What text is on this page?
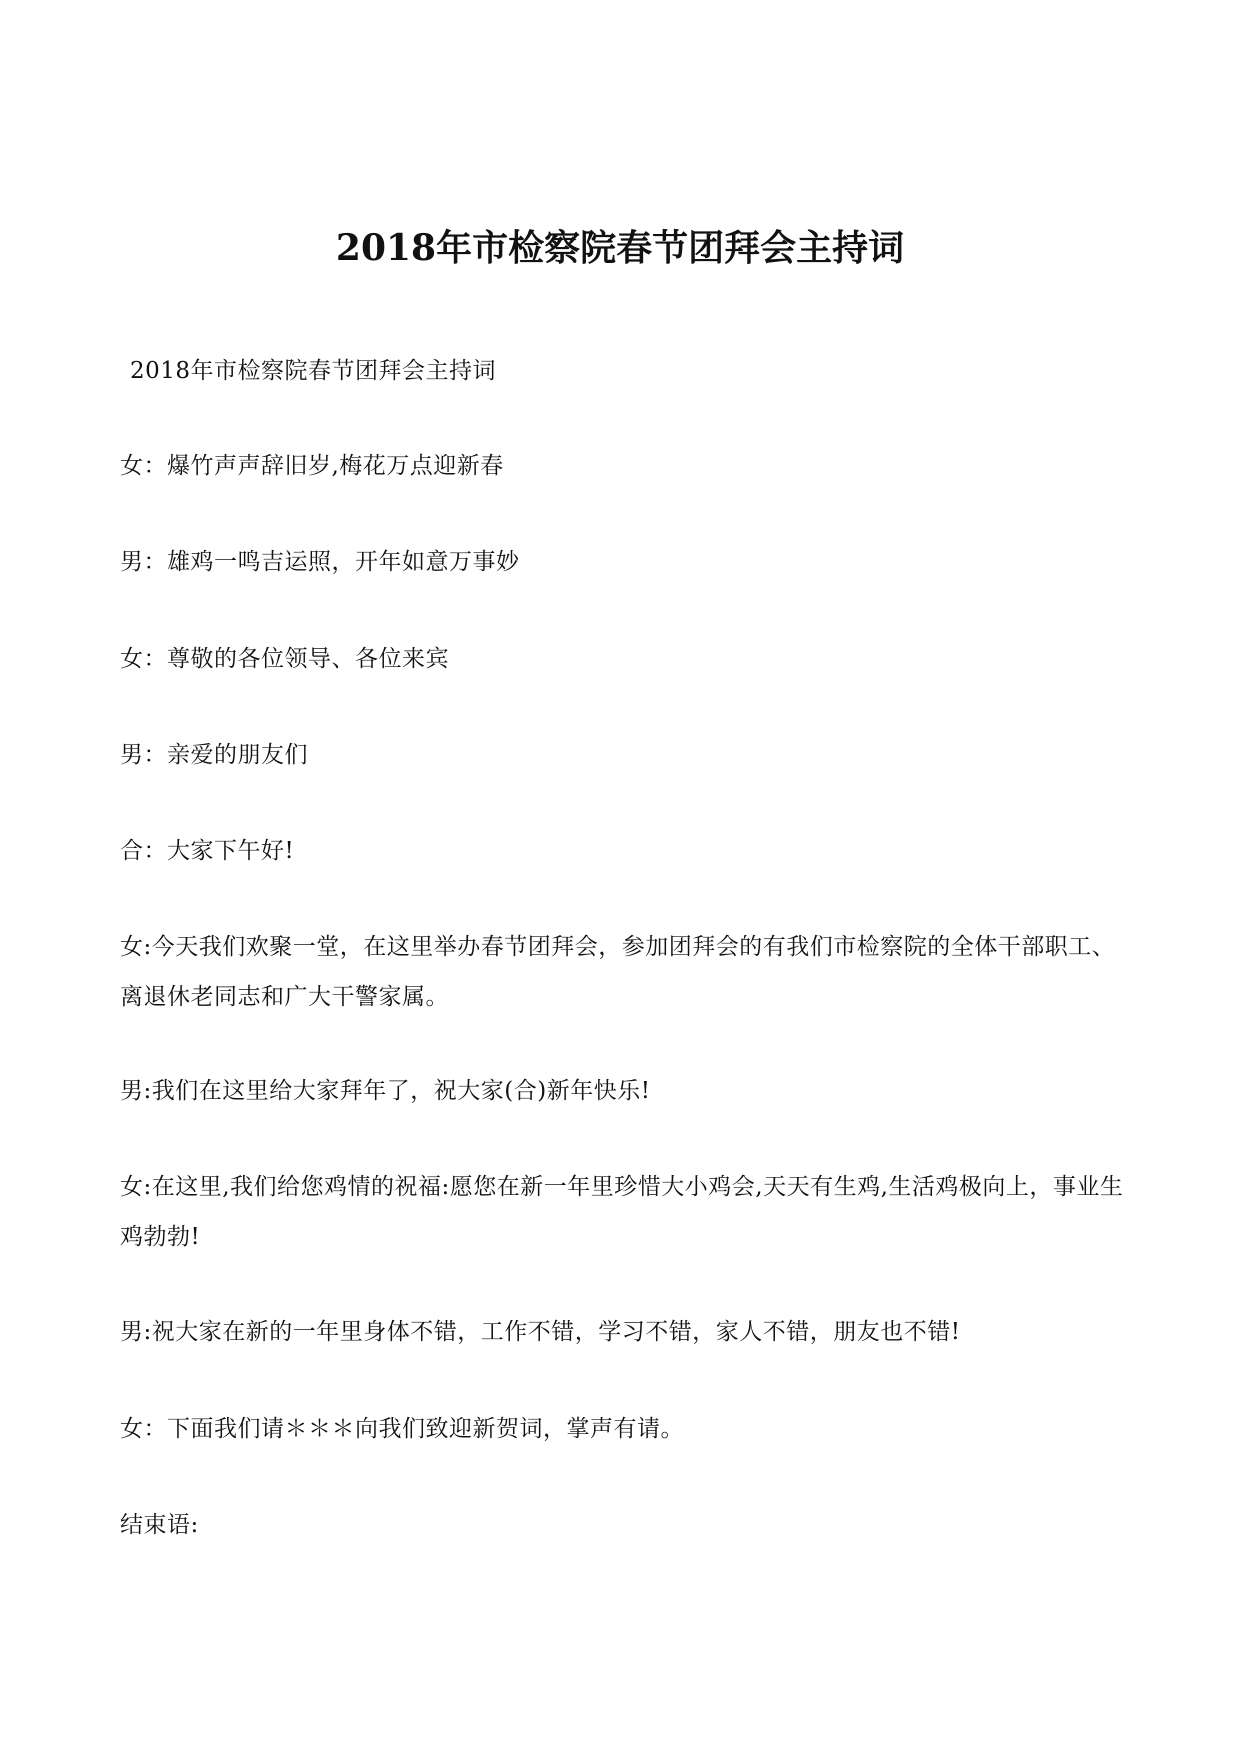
2018年市检察院春节团拜会主持词

2018年市检察院春节团拜会主持词

女：爆竹声声辞旧岁,梅花万点迎新春

男：雄鸡一鸣吉运照，开年如意万事妙

女：尊敬的各位领导、各位来宾

男：亲爱的朋友们

合：大家下午好!

女:今天我们欢聚一堂，在这里举办春节团拜会，参加团拜会的有我们市检察院的全体干部职工、离退休老同志和广大干警家属。

男:我们在这里给大家拜年了，祝大家(合)新年快乐!

女:在这里,我们给您鸡情的祝福:愿您在新一年里珍惜大小鸡会,天天有生鸡,生活鸡极向上，事业生鸡勃勃!

男:祝大家在新的一年里身体不错，工作不错，学习不错，家人不错，朋友也不错!

女：下面我们请＊＊＊向我们致迎新贺词，掌声有请。

结束语:
